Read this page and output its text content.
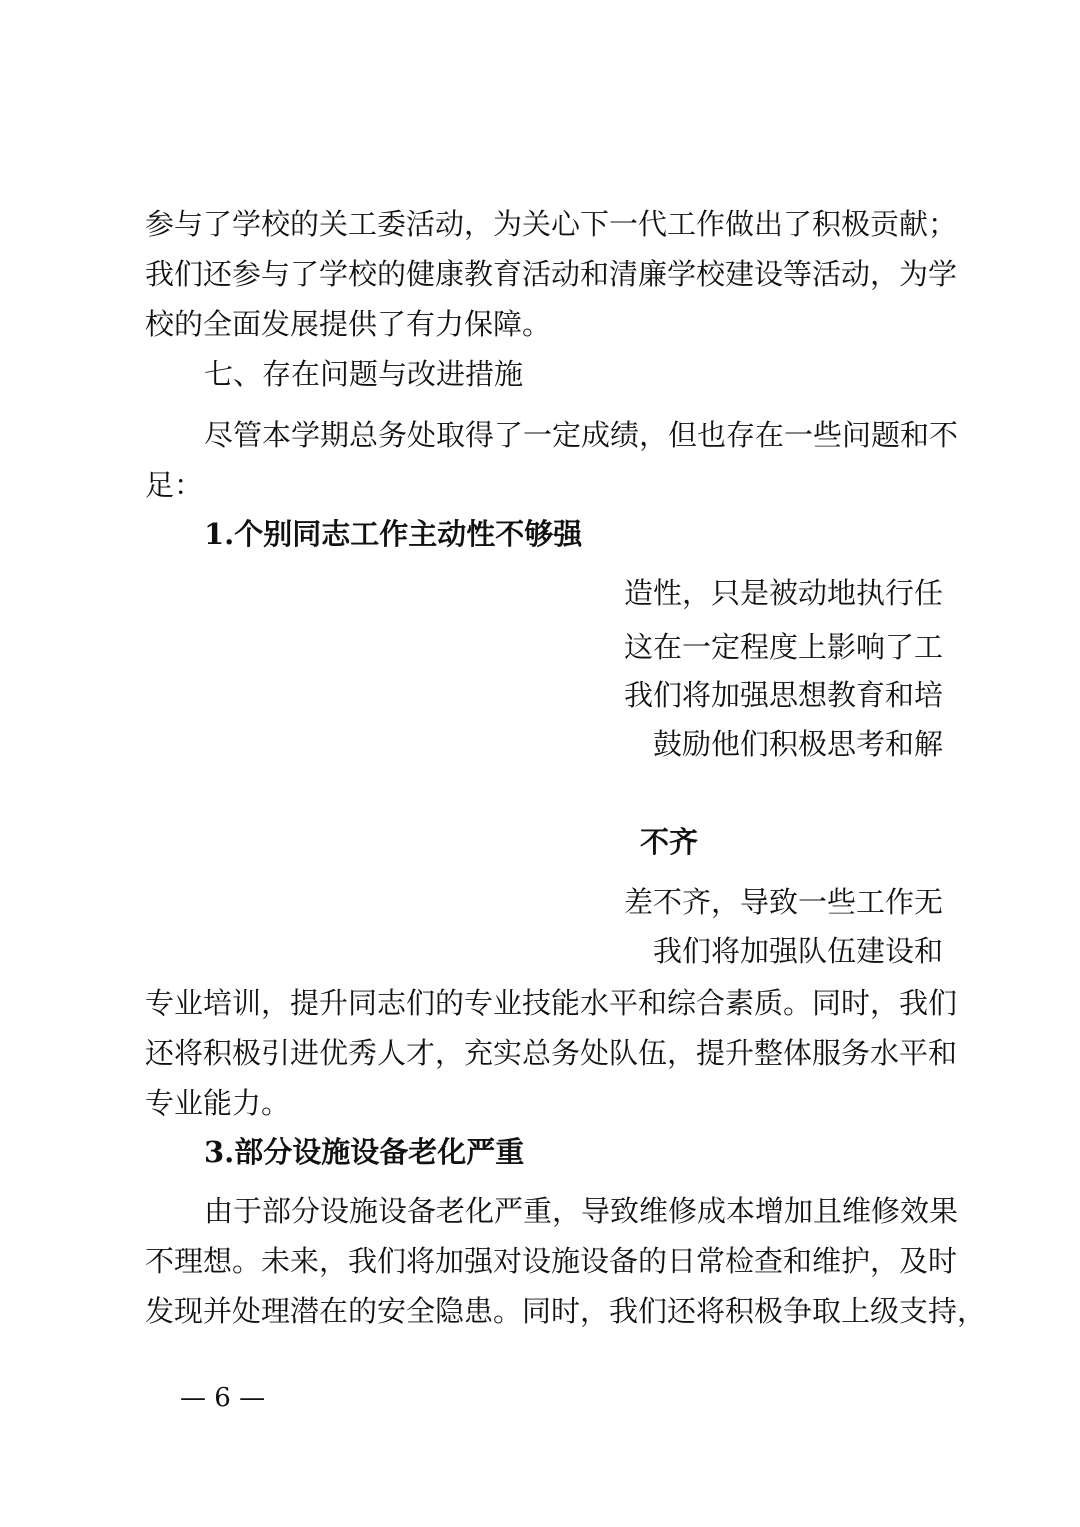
参与了学校的关工委活动，为关心下一代工作做出了积极贡献；
我们还参与了学校的健康教育活动和清廉学校建设等活动，为学
校的全面发展提供了有力保障。
七、存在问题与改进措施
尽管本学期总务处取得了一定成绩，但也存在一些问题和不
足：
1.个别同志工作主动性不够强
造性，只是被动地执行任
这在一定程度上影响了工
我们将加强思想教育和培
鼓励他们积极思考和解
不齐
差不齐，导致一些工作无
我们将加强队伍建设和
专业培训，提升同志们的专业技能水平和综合素质。同时，我们
还将积极引进优秀人才，充实总务处队伍，提升整体服务水平和
专业能力。
3.部分设施设备老化严重
由于部分设施设备老化严重，导致维修成本增加且维修效果
不理想。未来，我们将加强对设施设备的日常检查和维护，及时
发现并处理潜在的安全隐患。同时，我们还将积极争取上级支持，
— 6 —
